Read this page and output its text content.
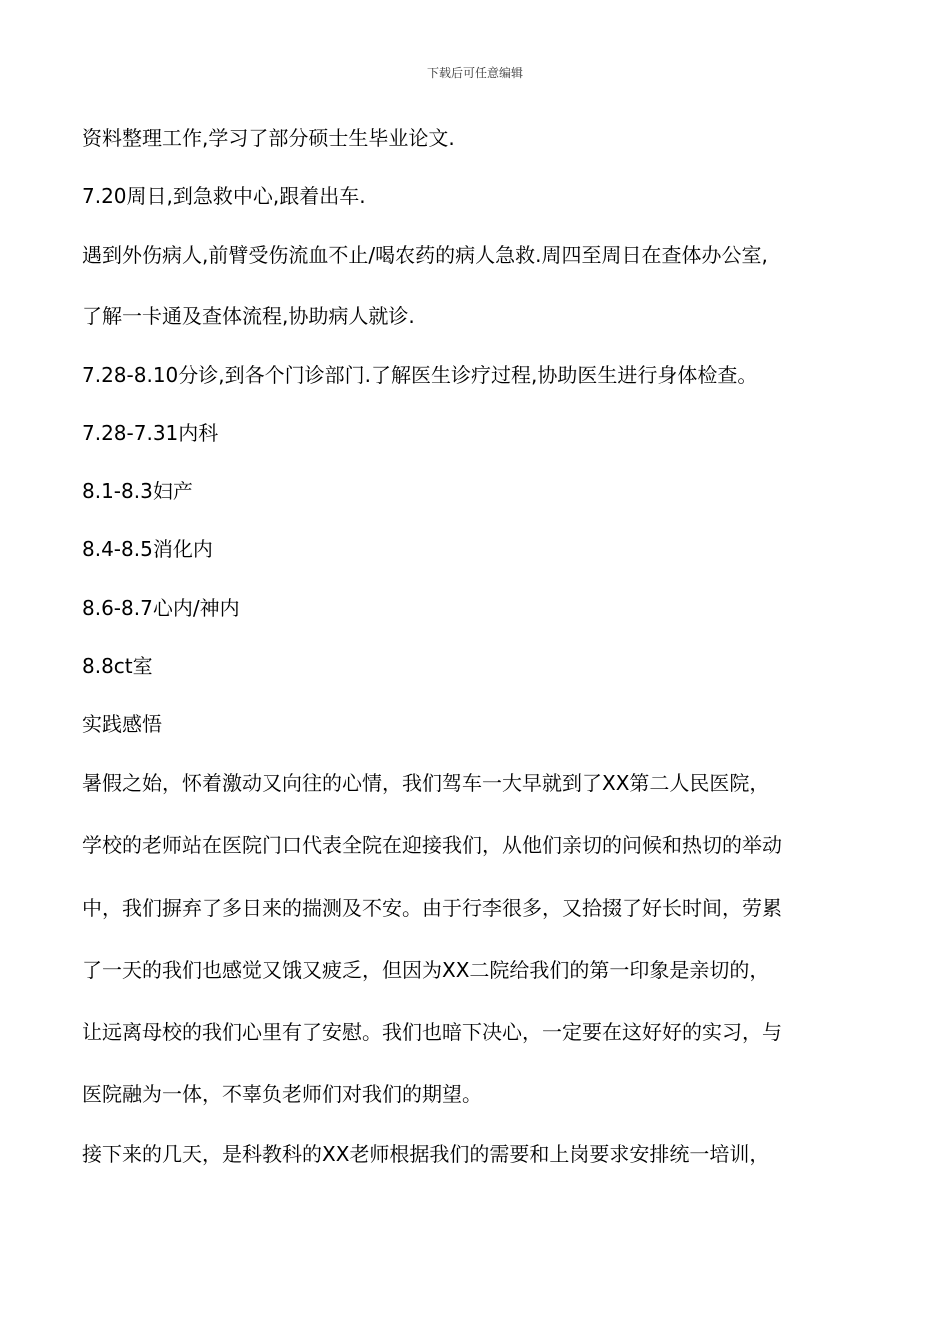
下载后可任意编辑
资料整理工作,学习了部分硕士生毕业论文.
7.20周日,到急救中心,跟着出车.
遇到外伤病人,前臂受伤流血不止/喝农药的病人急救.周四至周日在查体办公室,
了解一卡通及查体流程,协助病人就诊.
7.28-8.10分诊,到各个门诊部门.了解医生诊疗过程,协助医生进行身体检查。
7.28-7.31内科
8.1-8.3妇产
8.4-8.5消化内
8.6-8.7心内/神内
8.8ct室
实践感悟
暑假之始，怀着激动又向往的心情，我们驾车一大早就到了XX第二人民医院，
学校的老师站在医院门口代表全院在迎接我们，从他们亲切的问候和热切的举动
中，我们摒弃了多日来的揣测及不安。由于行李很多，又拾掇了好长时间，劳累
了一天的我们也感觉又饿又疲乏，但因为XX二院给我们的第一印象是亲切的，
让远离母校的我们心里有了安慰。我们也暗下决心，一定要在这好好的实习，与
医院融为一体，不辜负老师们对我们的期望。
接下来的几天，是科教科的XX老师根据我们的需要和上岗要求安排统一培训，
